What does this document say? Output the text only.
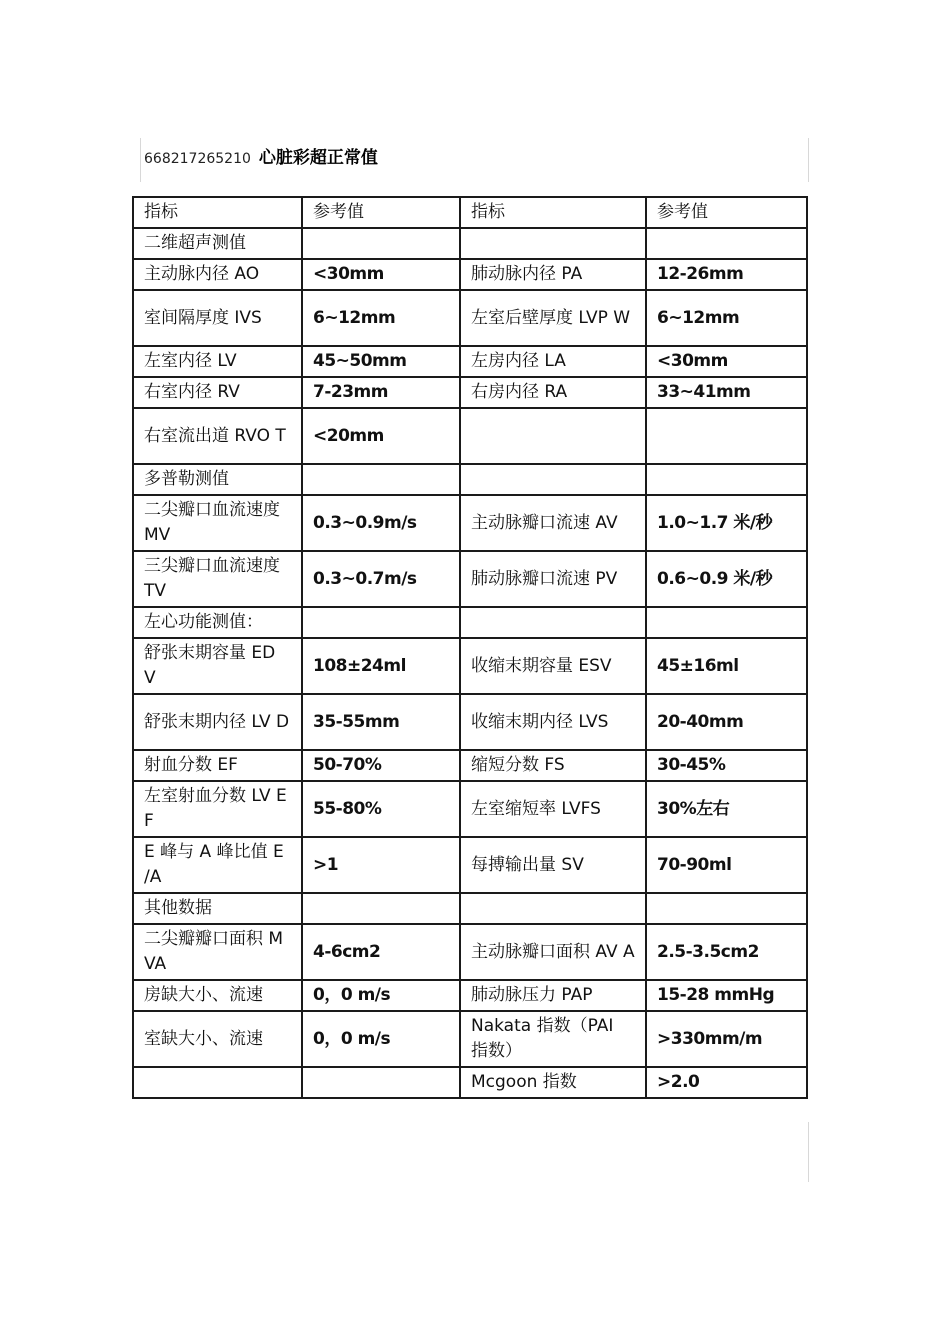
668217265210 心脏彩超正常值
指标	参考值	指标	参考值
二维超声测值			
主动脉内径 AO	<30mm	肺动脉内径 PA	12-26mm
室间隔厚度 IVS	6~12mm	左室后壁厚度 LVP W	6~12mm
左室内径 LV	45~50mm	左房内径 LA	<30mm
右室内径 RV	7-23mm	右房内径 RA	33~41mm
右室流出道 RVO T	<20mm		
多普勒测值			
二尖瓣口血流速度 MV	0.3~0.9m/s	主动脉瓣口流速 AV	1.0~1.7 米/秒
三尖瓣口血流速度 TV	0.3~0.7m/s	肺动脉瓣口流速 PV	0.6~0.9 米/秒
左心功能测值：			
舒张末期容量 ED V	108±24ml	收缩末期容量 ESV	45±16ml
舒张末期内径 LV D	35-55mm	收缩末期内径 LVS	20-40mm
射血分数 EF	50-70%	缩短分数 FS	30-45%
左室射血分数 LV EF	55-80%	左室缩短率 LVFS	30%左右
E 峰与 A 峰比值 E /A	>1	每搏输出量 SV	70-90ml
其他数据			
二尖瓣瓣口面积 MVA	4-6cm2	主动脉瓣口面积 AV A	2.5-3.5cm2
房缺大小、流速	0，0 m/s	肺动脉压力 PAP	15-28 mmHg
室缺大小、流速	0，0 m/s	Nakata 指数（PAI 指数）	>330mm/m
		Mcgoon 指数	>2.0
